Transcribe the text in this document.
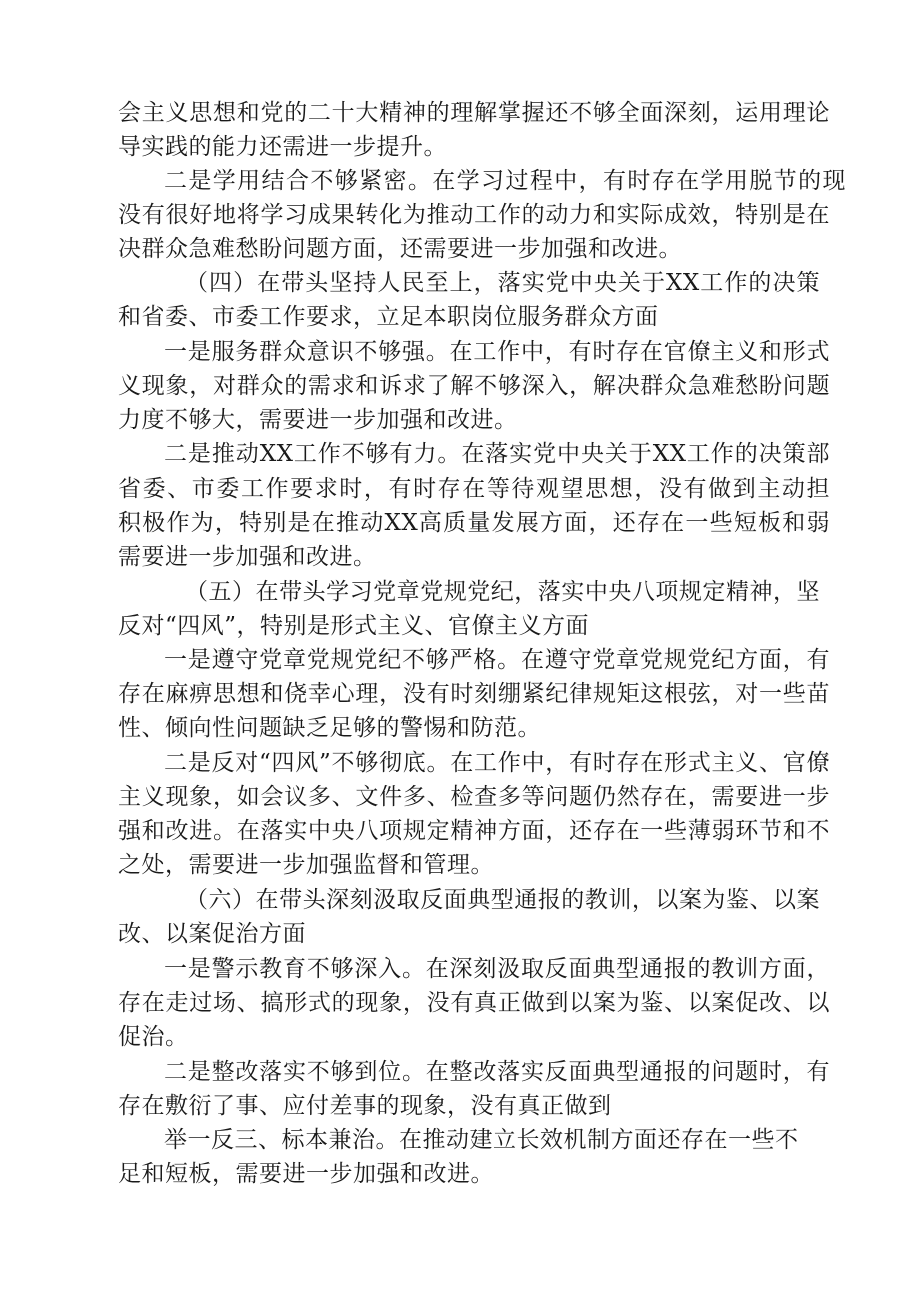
会主义思想和党的二十大精神的理解掌握还不够全面深刻，运用理论
导实践的能力还需进一步提升。
二是学用结合不够紧密。在学习过程中，有时存在学用脱节的现
没有很好地将学习成果转化为推动工作的动力和实际成效，特别是在
决群众急难愁盼问题方面，还需要进一步加强和改进。
（四）在带头坚持人民至上，落实党中央关于XX工作的决策
和省委、市委工作要求，立足本职岗位服务群众方面
一是服务群众意识不够强。在工作中，有时存在官僚主义和形式
义现象，对群众的需求和诉求了解不够深入，解决群众急难愁盼问题
力度不够大，需要进一步加强和改进。
二是推动XX工作不够有力。在落实党中央关于XX工作的决策部
省委、市委工作要求时，有时存在等待观望思想，没有做到主动担
积极作为，特别是在推动XX高质量发展方面，还存在一些短板和弱
需要进一步加强和改进。
（五）在带头学习党章党规党纪，落实中央八项规定精神，坚
反对“四风”，特别是形式主义、官僚主义方面
一是遵守党章党规党纪不够严格。在遵守党章党规党纪方面，有
存在麻痹思想和侥幸心理，没有时刻绷紧纪律规矩这根弦，对一些苗
性、倾向性问题缺乏足够的警惕和防范。
二是反对“四风”不够彻底。在工作中，有时存在形式主义、官僚
主义现象，如会议多、文件多、检查多等问题仍然存在，需要进一步
强和改进。在落实中央八项规定精神方面，还存在一些薄弱环节和不
之处，需要进一步加强监督和管理。
（六）在带头深刻汲取反面典型通报的教训，以案为鉴、以案
改、以案促治方面
一是警示教育不够深入。在深刻汲取反面典型通报的教训方面，
存在走过场、搞形式的现象，没有真正做到以案为鉴、以案促改、以
促治。
二是整改落实不够到位。在整改落实反面典型通报的问题时，有
存在敷衍了事、应付差事的现象，没有真正做到
举一反三、标本兼治。在推动建立长效机制方面还存在一些不
足和短板，需要进一步加强和改进。
